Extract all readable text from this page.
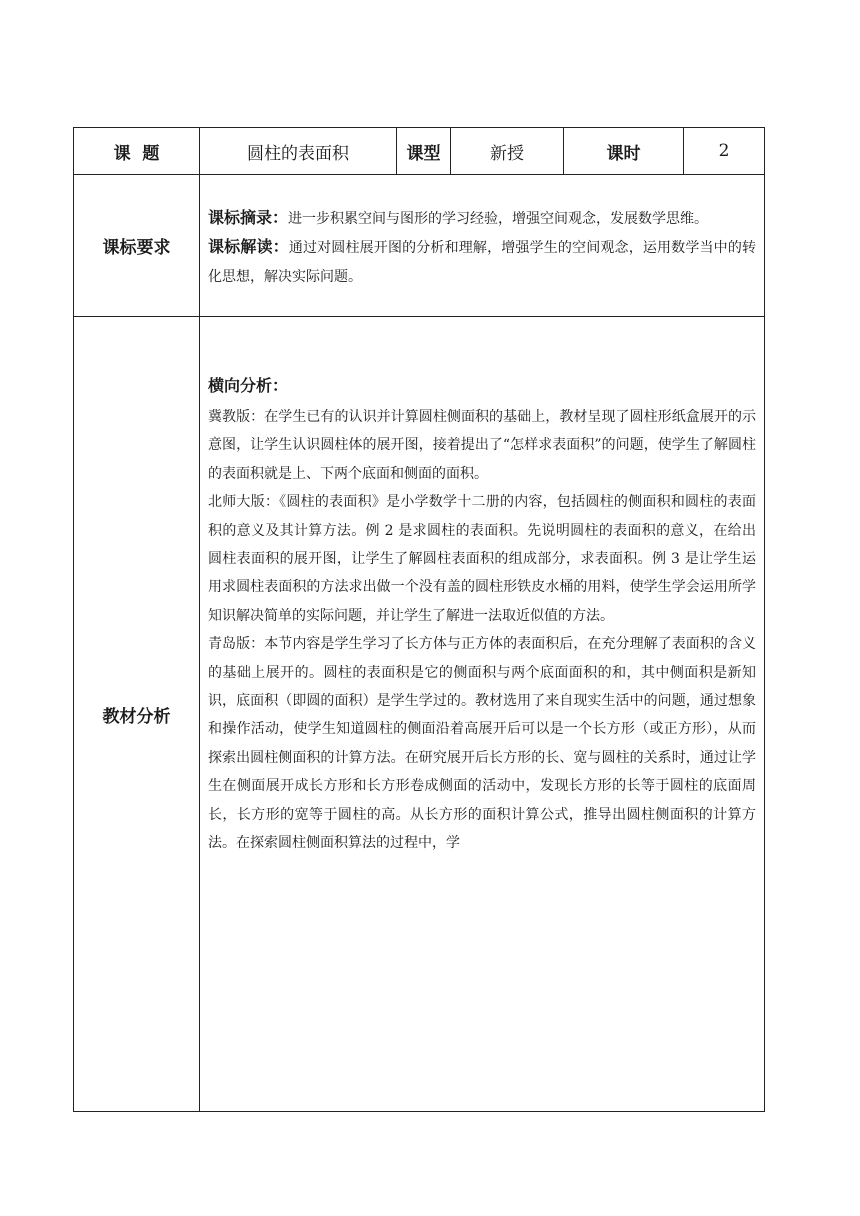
课  题	圆柱的表面积	课型	新授	课时	2
课标要求	课标摘录：进一步积累空间与图形的学习经验，增强空间观念，发展数学思维。

课标解读：通过对圆柱展开图的分析和理解，增强学生的空间观念，运用数学当中的转化思想，解决实际问题。				

教材分析	横向分析：

冀教版：在学生已有的认识并计算圆柱侧面积的基础上，教材呈现了圆柱形纸盒展开的示意图，让学生认识圆柱体的展开图，接着提出了“怎样求表面积”的问题，使学生了解圆柱的表面积就是上、下两个底面和侧面的面积。

北师大版：《圆柱的表面积》是小学数学十二册的内容，包括圆柱的侧面积和圆柱的表面积的意义及其计算方法。例 2 是求圆柱的表面积。先说明圆柱的表面积的意义，在给出圆柱表面积的展开图，让学生了解圆柱表面积的组成部分，求表面积。例 3 是让学生运用求圆柱表面积的方法求出做一个没有盖的圆柱形铁皮水桶的用料，使学生学会运用所学知识解决简单的实际问题，并让学生了解进一法取近似值的方法。

青岛版：本节内容是学生学习了长方体与正方体的表面积后，在充分理解了表面积的含义的基础上展开的。圆柱的表面积是它的侧面积与两个底面面积的和，其中侧面积是新知识，底面积（即圆的面积）是学生学过的。教材选用了来自现实生活中的问题，通过想象和操作活动，使学生知道圆柱的侧面沿着高展开后可以是一个长方形（或正方形），从而探索出圆柱侧面积的计算方法。在研究展开后长方形的长、宽与圆柱的关系时，通过让学生在侧面展开成长方形和长方形卷成侧面的活动中，发现长方形的长等于圆柱的底面周长，长方形的宽等于圆柱的高。从长方形的面积计算公式，推导出圆柱侧面积的计算方法。在探索圆柱侧面积算法的过程中，学				
